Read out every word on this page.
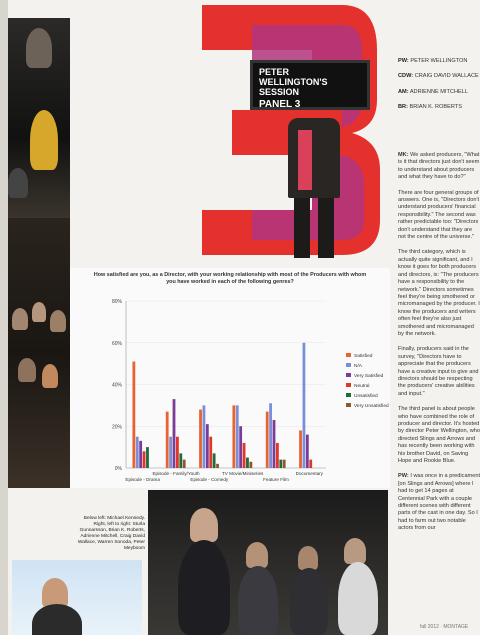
PETER
WELLINGTON'S
SESSION
PANEL 3
How satisfied are you, as a Director, with your working relationship with most of the Producers with whom you have worked in each of the following genres?
0%
20%
40%
60%
80%
Episode - Drama
Episode - Family/Youth
Episode - Comedy
TV Movie/Miniseries
Feature Film
Documentary
Satisfied
N/A
Very Satisfied
Neutral
Unsatisfied
Very Unsatisfied
PW: PETER WELLINGTON
CDW: CRAIG DAVID WALLACE
AM: ADRIENNE MITCHELL
BR: BRIAN K. ROBERTS
MK: We asked producers, "What is it that directors just don't seem to understand about producers and what they have to do?"
There are four general groups of answers. One is, "Directors don't understand producers' financial responsibility." The second was rather predictable too: "Directors don't understand that they are not the centre of the universe."
The third category, which is actually quite significant, and I know it goes for both producers and directors, is: "The producers have a responsibility to the network." Directors sometimes feel they're being smothered or micromanaged by the producer. I know the producers and writers often feel they're also just smothered and micromanaged by the network.
Finally, producers said in the survey, "Directors have to appreciate that the producers have a creative input to give and directors should be respecting the producers' creative abilities and input."
The third panel is about people who have combined the role of producer and director. It's hosted by director Peter Wellington, who directed Slings and Arrows and has recently been working with his brother David, on Saving Hope and Rookie Blue.
PW: I was once in a predicament [on Slings and Arrows] where I had to get 14 pages at Centennial Park with a couple different scenes with different parts of the cast in one day. So I had to farm out two notable actors from our
Below left: Michael Kennedy. Right, left to right: Sturla Gunnarsson, Brian K. Roberts, Adrienne Mitchell, Craig David Wallace, Warren Sonoda, Peter Meyboom
fall 2012 · MONTAGE
